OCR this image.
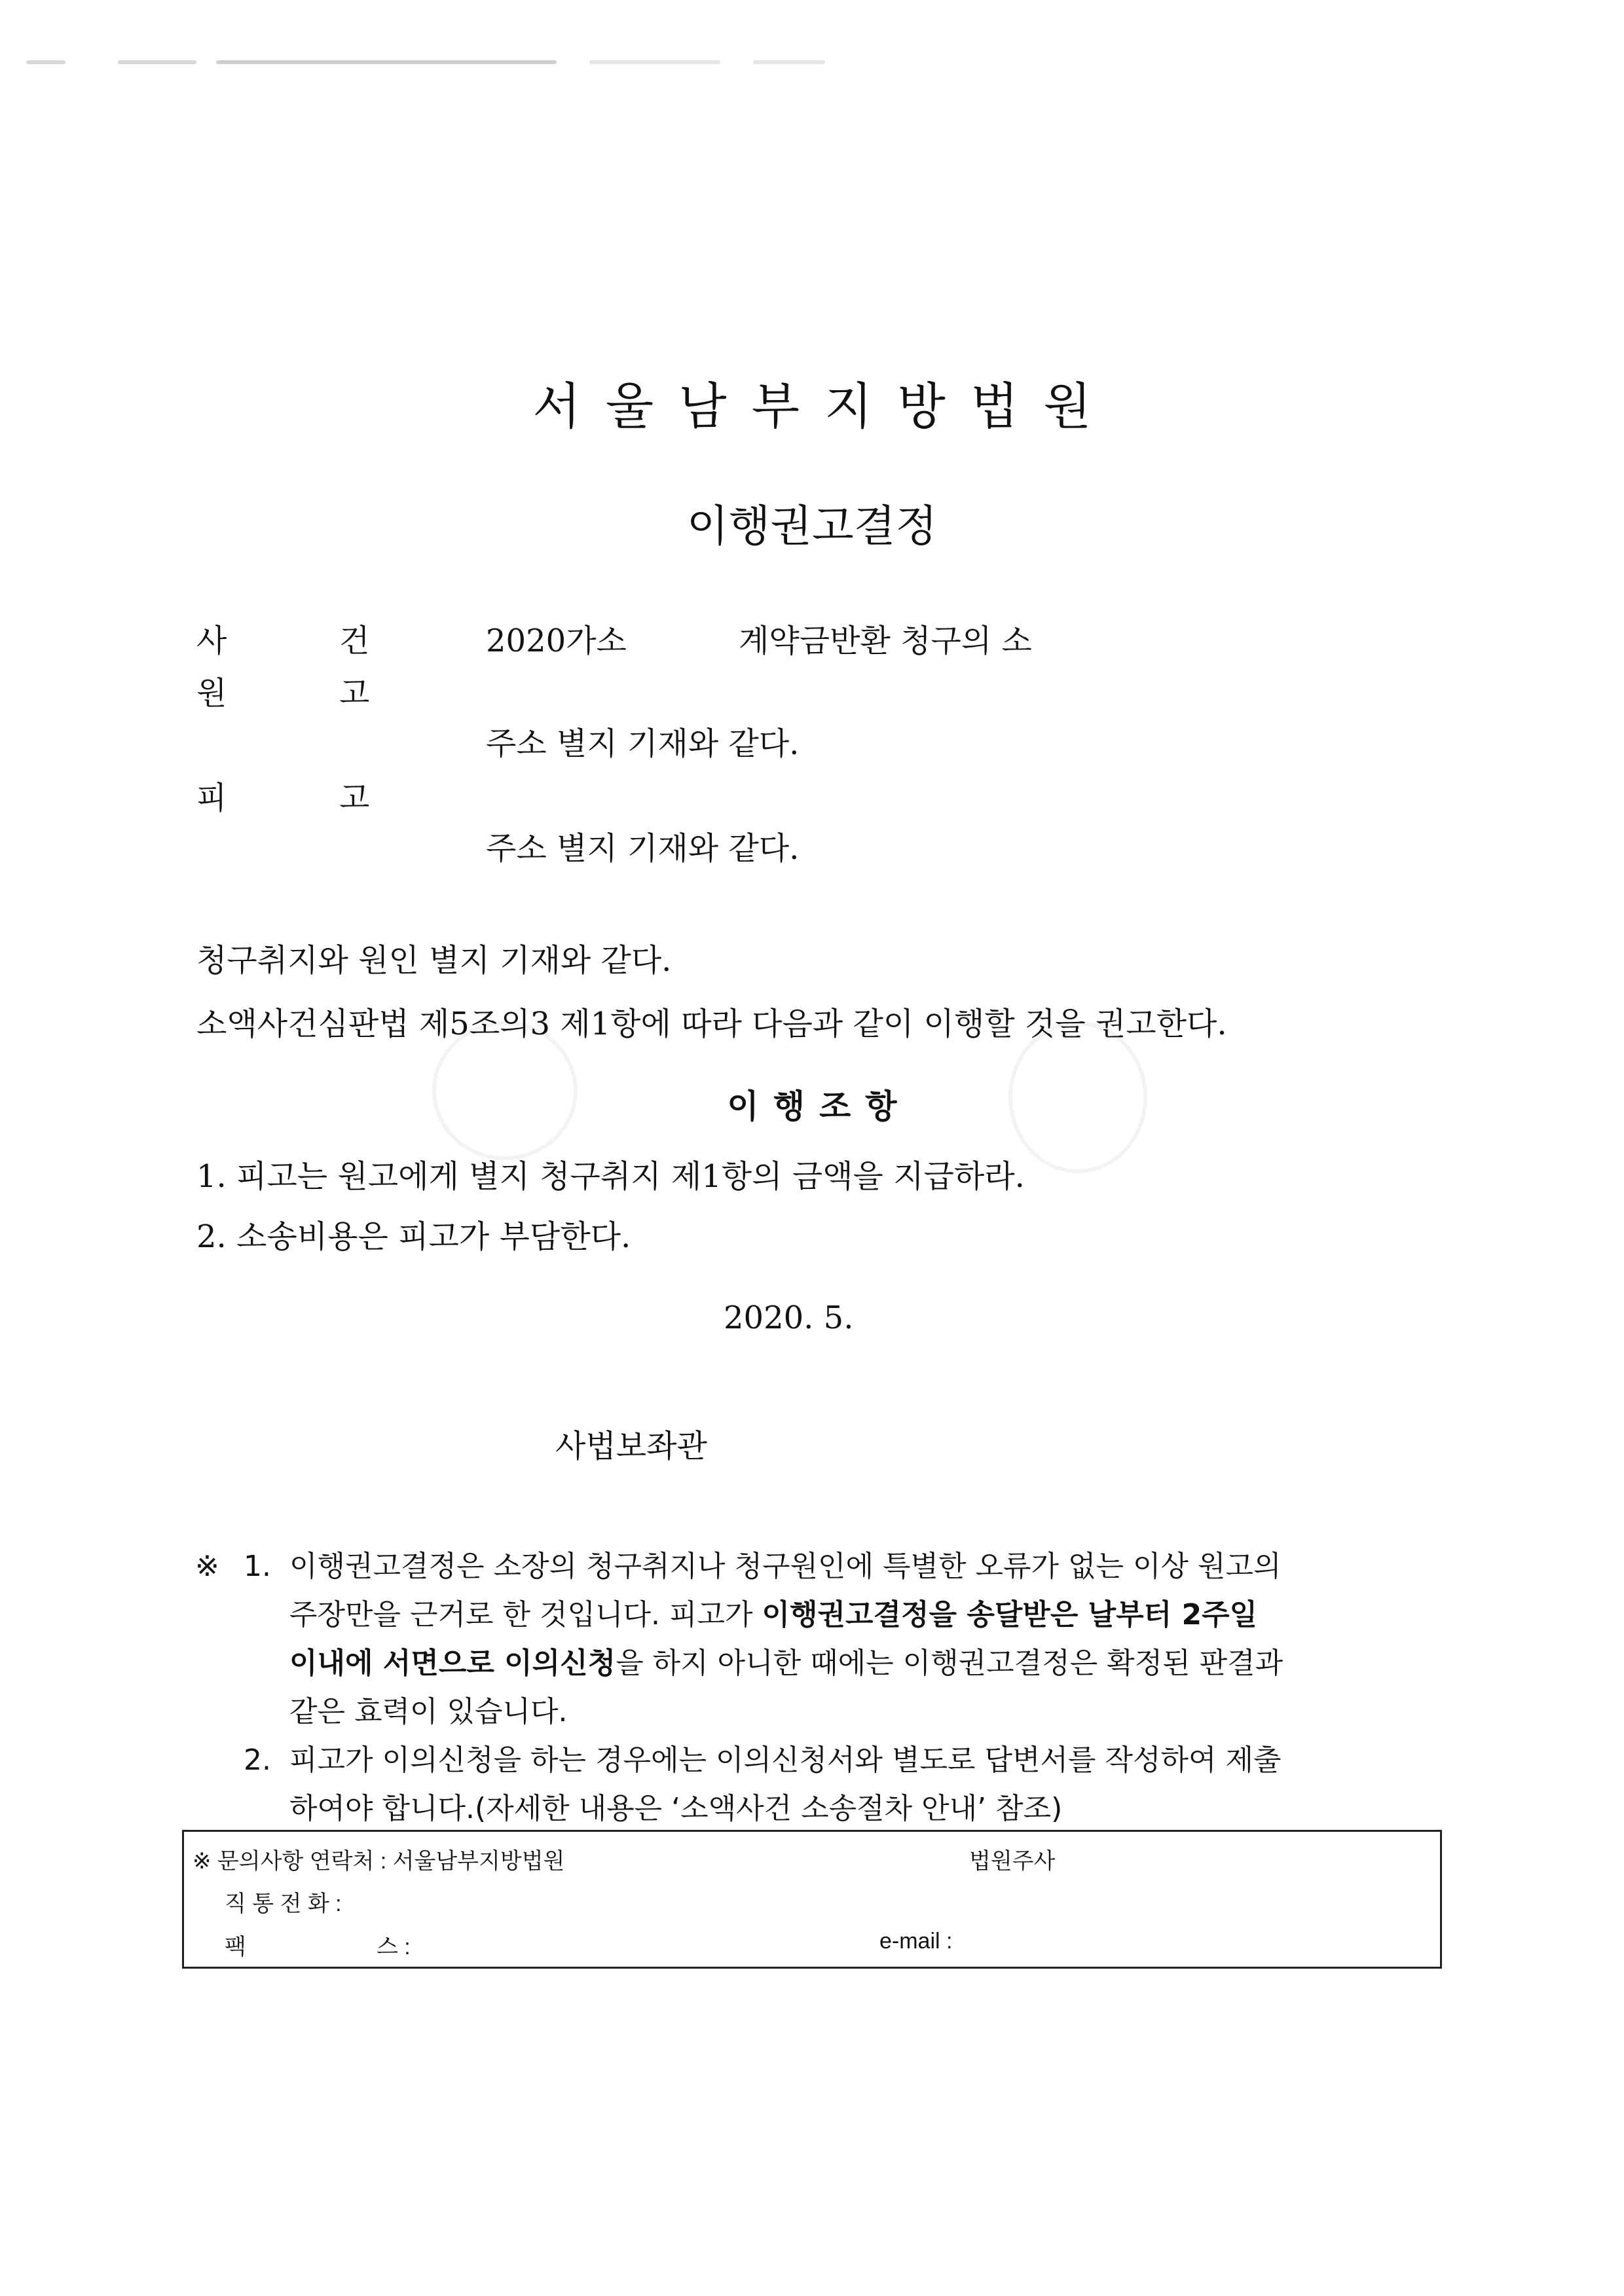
서울남부지방법원
이행권고결정
사	건	2020가소	계약금반환 청구의 소
원	고
주소 별지 기재와 같다.
피	고
주소 별지 기재와 같다.
청구취지와 원인 별지 기재와 같다.
소액사건심판법 제5조의3 제1항에 따라 다음과 같이 이행할 것을 권고한다.
이행조항
1. 피고는 원고에게 별지 청구취지 제1항의 금액을 지급하라.
2. 소송비용은 피고가 부담한다.
2020. 5.
사법보좌관
※ 1. 이행권고결정은 소장의 청구취지나 청구원인에 특별한 오류가 없는 이상 원고의
주장만을 근거로 한 것입니다. 피고가 이행권고결정을 송달받은 날부터 2주일
이내에 서면으로 이의신청을 하지 아니한 때에는 이행권고결정은 확정된 판결과
같은 효력이 있습니다.
2. 피고가 이의신청을 하는 경우에는 이의신청서와 별도로 답변서를 작성하여 제출
하여야 합니다.(자세한 내용은 ‘소액사건 소송절차 안내’ 참조)
※ 문의사항 연락처 : 서울남부지방법원	법원주사
직 통 전 화 :
팩	스 :	e-mail :
